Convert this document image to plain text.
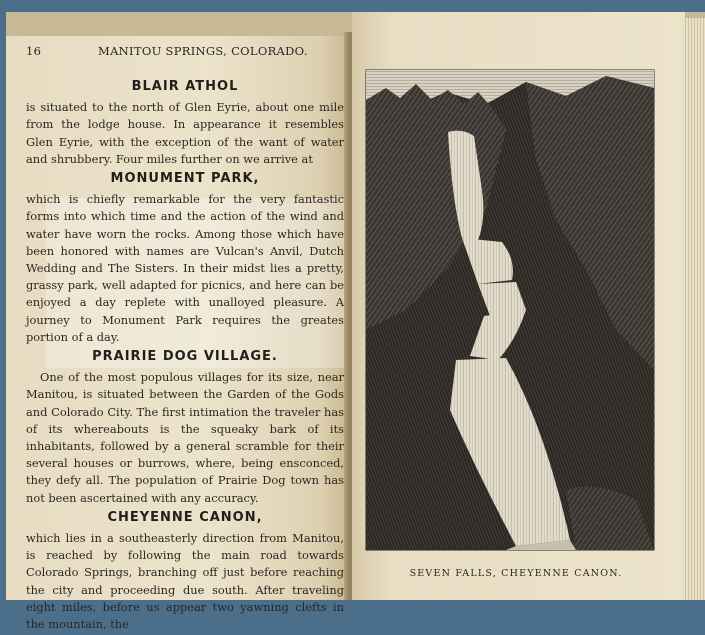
SEVEN FALLS, CHEYENNE CANON.
16	MANITOU SPRINGS, COLORADO.
BLAIR ATHOL

is situated to the north of Glen Eyrie, about one mile from the lodge house. In appearance it resembles Glen Eyrie, with the exception of the want of water and shrubbery. Four miles further on we arrive at

MONUMENT PARK,

which is chiefly remarkable for the very fantastic forms into which time and the action of the wind and water have worn the rocks. Among those which have been honored with names are Vulcan's Anvil, Dutch Wedding and The Sisters. In their midst lies a pretty, grassy park, well adapted for picnics, and here can be enjoyed a day replete with unalloyed pleasure. A journey to Monument Park requires the greates portion of a day.

PRAIRIE DOG VILLAGE.

One of the most populous villages for its size, near Manitou, is situated between the Garden of the Gods and Colorado City. The first intimation the traveler has of its whereabouts is the squeaky bark of its inhabitants, followed by a general scramble for their several houses or burrows, where, being ensconced, they defy all. The population of Prairie Dog town has not been ascertained with any accuracy.

CHEYENNE CANON,

which lies in a southeasterly direction from Manitou, is reached by following the main road towards Colorado Springs, branching off just before reaching the city and proceeding due south. After traveling eight miles, before us appear two yawning clefts in the mountain, the
